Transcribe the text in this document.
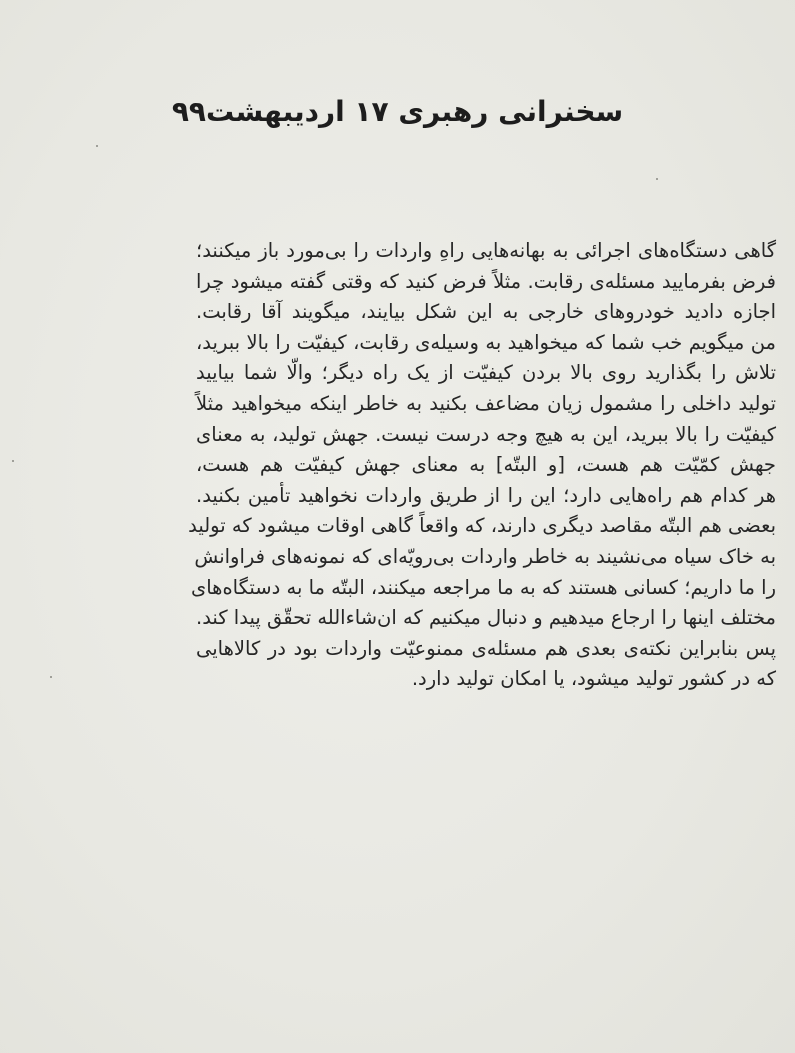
سخنرانی رهبری ۱۷ اردیبهشت۹۹
گاهی دستگاه‌های اجرائی به بهانه‌هایی راهِ واردات را بی‌مورد باز میکنند؛
فرض بفرمایید مسئله‌ی رقابت. مثلاً فرض کنید که وقتی گفته میشود چرا
اجازه دادید خودروهای خارجی به این شکل بیایند، میگویند آقا رقابت.
من میگویم خب شما که میخواهید به وسیله‌ی رقابت، کیفیّت را بالا ببرید،
تلاش را بگذارید روی بالا بردن کیفیّت از یک راه دیگر؛ والّا شما بیایید
تولید داخلی را مشمول زیان مضاعف بکنید به خاطر اینکه میخواهید مثلاً
کیفیّت را بالا ببرید، این به هیچ وجه درست نیست. جهش تولید، به معنای
جهش کمّیّت هم هست، [و البتّه] به معنای جهش کیفیّت هم هست،
هر کدام هم راه‌هایی دارد؛ این را از طریق واردات نخواهید تأمین بکنید.
بعضی هم البتّه مقاصد دیگری دارند، که واقعاً گاهی اوقات میشود که تولید
به خاک سیاه می‌نشیند به خاطر واردات بی‌رویّه‌ای که نمونه‌های فراوانش
را ما داریم؛ کسانی هستند که به ما مراجعه میکنند، البتّه ما به دستگاه‌های
مختلف اینها را ارجاع میدهیم و دنبال میکنیم که ان‌شاءالله تحقّق پیدا کند.
پس بنابراین نکته‌ی بعدی هم مسئله‌ی ممنوعیّت واردات بود در کالاهایی
که در کشور تولید میشود، یا امکان تولید دارد.
